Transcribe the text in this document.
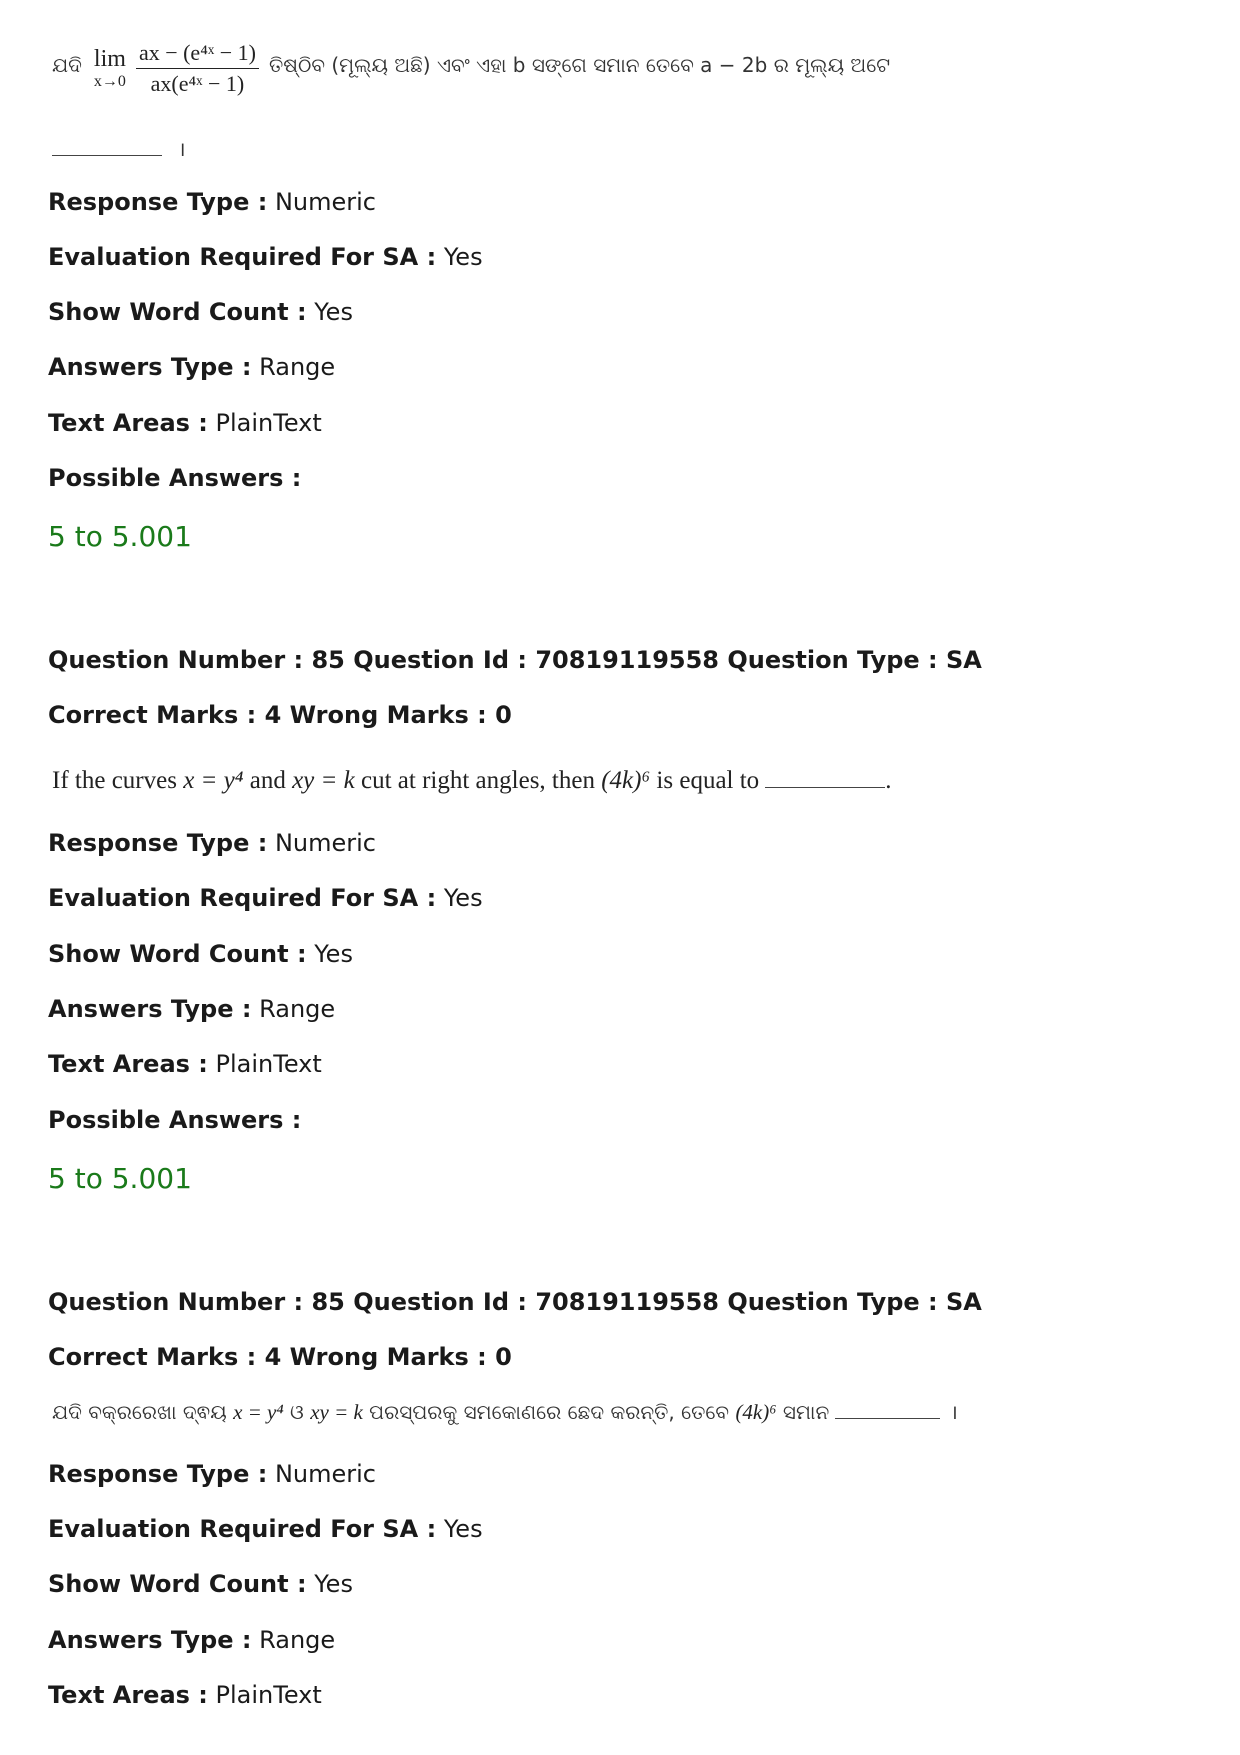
ଯଦି lim
x→0
$\frac{\text{ax − (e⁴ˣ − 1)}}{\text{ax(e⁴ˣ − 1)}}$ ତିଷ୍ଠିବ (ମୂଲ୍ୟ ଅଛି) ଏବଂ ଏହା b ସଙ୍ଗେ ସମାନ ତେବେ a − 2b ର ମୂଲ୍ୟ ଅଟେ
।
Response Type : Numeric
Evaluation Required For SA : Yes
Show Word Count : Yes
Answers Type : Range
Text Areas : PlainText
Possible Answers :
5 to 5.001
Question Number : 85 Question Id : 70819119558 Question Type : SA
Correct Marks : 4 Wrong Marks : 0
If the curves x = y⁴ and xy = k cut at right angles, then (4k)⁶ is equal to	.
Response Type : Numeric
Evaluation Required For SA : Yes
Show Word Count : Yes
Answers Type : Range
Text Areas : PlainText
Possible Answers :
5 to 5.001
Question Number : 85 Question Id : 70819119558 Question Type : SA
Correct Marks : 4 Wrong Marks : 0
ଯଦି ବକ୍ରରେଖା ଦ୍ଵୟ x = y⁴ ଓ xy = k ପରସ୍ପରକୁ ସମକୋଣରେ ଛେଦ କରନ୍ତି, ତେବେ (4k)⁶ ସମାନ	।
Response Type : Numeric
Evaluation Required For SA : Yes
Show Word Count : Yes
Answers Type : Range
Text Areas : PlainText
